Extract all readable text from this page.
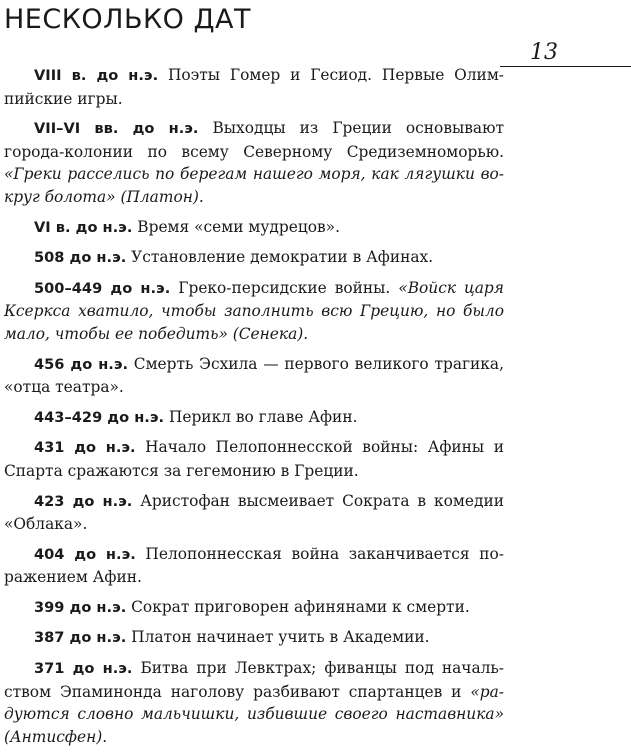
НЕСКОЛЬКО ДАТ
13

VIII в. до н.э. Поэты Гомер и Гесиод. Первые Олимпийские игры.

VII–VI вв. до н.э. Выходцы из Греции основывают города-колонии по всему Северному Средиземноморью. «Греки расселись по берегам нашего моря, как лягушки вокруг болота» (Платон).

VI в. до н.э. Время «семи мудрецов».

508 до н.э. Установление демократии в Афинах.

500–449 до н.э. Греко-персидские войны. «Войск царя Ксеркса хватило, чтобы заполнить всю Грецию, но было мало, чтобы ее победить» (Сенека).

456 до н.э. Смерть Эсхила — первого великого трагика, «отца театра».

443–429 до н.э. Перикл во главе Афин.

431 до н.э. Начало Пелопоннесской войны: Афины и Спарта сражаются за гегемонию в Греции.

423 до н.э. Аристофан высмеивает Сократа в комедии «Облака».

404 до н.э. Пелопоннесская война заканчивается поражением Афин.

399 до н.э. Сократ приговорен афинянами к смерти.

387 до н.э. Платон начинает учить в Академии.

371 до н.э. Битва при Левктрах; фиванцы под начальством Эпаминонда наголову разбивают спартанцев и «радуются словно мальчишки, избившие своего наставника» (Антисфен).
